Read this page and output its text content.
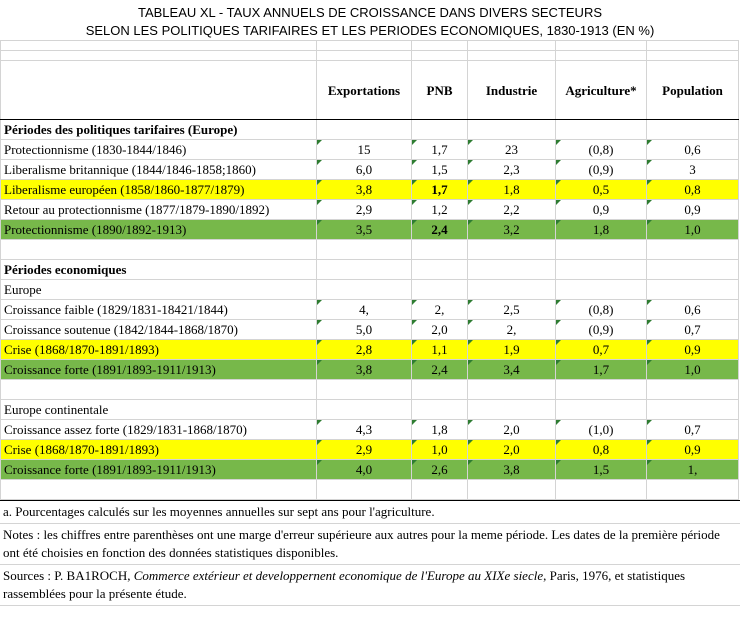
TABLEAU XL - TAUX ANNUELS DE CROISSANCE DANS DIVERS SECTEURS
SELON LES POLITIQUES TARIFAIRES ET LES PERIODES ECONOMIQUES, 1830-1913 (EN %)

	Exportations	PNB	Industrie	Agriculture*	Population
Périodes des politiques tarifaires (Europe)					
Protectionnisme (1830-1844/1846)	15	1,7	23	(0,8)	0,6
Liberalisme britannique (1844/1846-1858;1860)	6,0	1,5	2,3	(0,9)	3
Liberalisme européen (1858/1860-1877/1879)	3,8	1,7	1,8	0,5	0,8
Retour au protectionnisme (1877/1879-1890/1892)	2,9	1,2	2,2	0,9	0,9
Protectionnisme (1890/1892-1913)	3,5	2,4	3,2	1,8	1,0

Périodes economiques					
Europe					
Croissance faible (1829/1831-18421/1844)	4,	2,	2,5	(0,8)	0,6
Croissance soutenue (1842/1844-1868/1870)	5,0	2,0	2,	(0,9)	0,7
Crise (1868/1870-1891/1893)	2,8	1,1	1,9	0,7	0,9
Croissance forte (1891/1893-1911/1913)	3,8	2,4	3,4	1,7	1,0

Europe continentale					
Croissance assez forte (1829/1831-1868/1870)	4,3	1,8	2,0	(1,0)	0,7
Crise (1868/1870-1891/1893)	2,9	1,0	2,0	0,8	0,9
Croissance forte (1891/1893-1911/1913)	4,0	2,6	3,8	1,5	1,

a. Pourcentages calculés sur les moyennes annuelles sur sept ans pour l'agriculture.
Notes : les chiffres entre parenthèses ont une marge d'erreur supérieure aux autres pour la meme période. Les dates de la première période ont été choisies en fonction des données statistiques disponibles.
Sources : P. BA1ROCH, Commerce extérieur et developpernent economique de l'Europe au XIXe siecle, Paris, 1976, et statistiques rassemblées pour la présente étude.
